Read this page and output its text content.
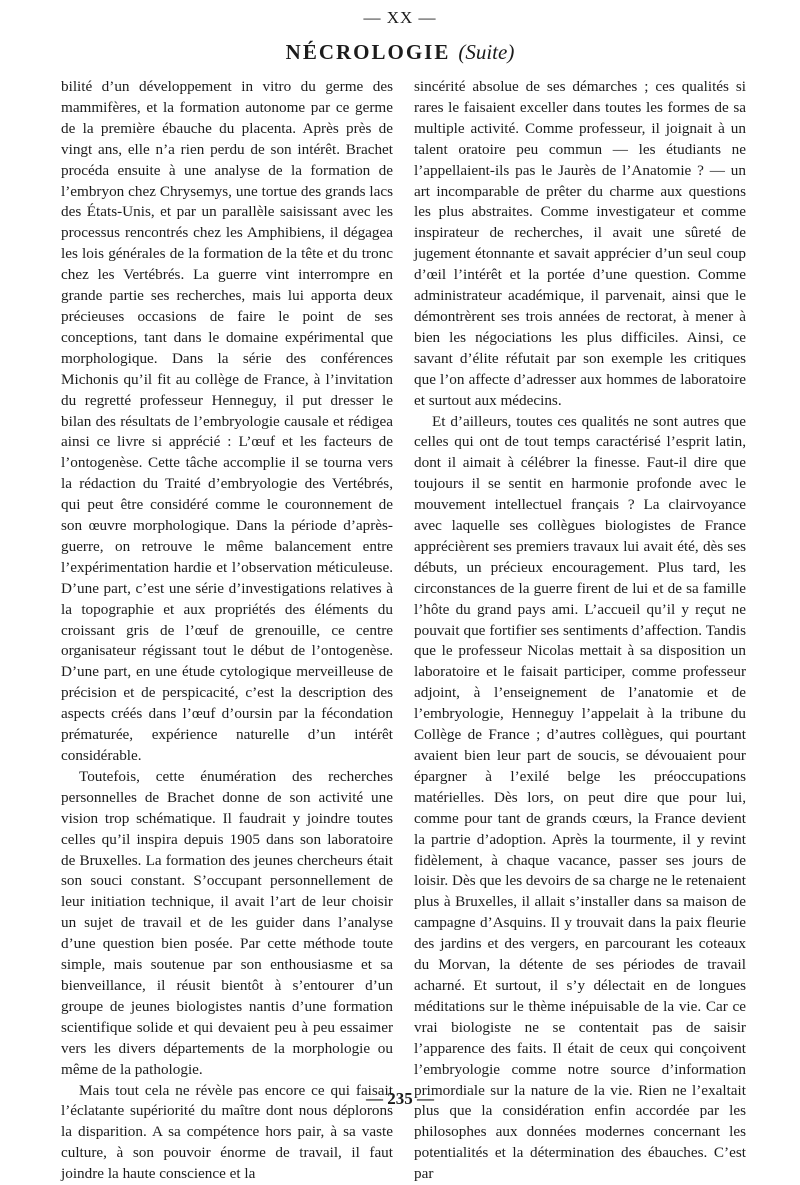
— XX —
NÉCROLOGIE (Suite)

bilité d’un développement in vitro du germe des mammifères, et la formation autonome par ce germe de la première ébauche du placenta. Après près de vingt ans, elle n’a rien perdu de son intérêt. Brachet procéda ensuite à une analyse de la formation de l’embryon chez Chrysemys, une tortue des grands lacs des États-Unis, et par un parallèle saisissant avec les processus rencontrés chez les Amphibiens, il dégagea les lois générales de la formation de la tête et du tronc chez les Vertébrés. La guerre vint interrompre en grande partie ses recherches, mais lui apporta deux précieuses occasions de faire le point de ses conceptions, tant dans le domaine expérimental que morphologique. Dans la série des conférences Michonis qu’il fit au collège de France, à l’invitation du regretté professeur Henneguy, il put dresser le bilan des résultats de l’embryologie causale et rédigea ainsi ce livre si apprécié : L’œuf et les facteurs de l’ontogenèse. Cette tâche accomplie il se tourna vers la rédaction du Traité d’embryologie des Vertébrés, qui peut être considéré comme le couronnement de son œuvre morphologique. Dans la période d’après-guerre, on retrouve le même balancement entre l’expérimentation hardie et l’observation méticuleuse. D’une part, c’est une série d’investigations relatives à la topographie et aux propriétés des éléments du croissant gris de l’œuf de grenouille, ce centre organisateur régissant tout le début de l’ontogenèse. D’une part, en une étude cytologique merveilleuse de précision et de perspicacité, c’est la description des aspects créés dans l’œuf d’oursin par la fécondation prématurée, expérience naturelle d’un intérêt considérable.

Toutefois, cette énumération des recherches personnelles de Brachet donne de son activité une vision trop schématique. Il faudrait y joindre toutes celles qu’il inspira depuis 1905 dans son laboratoire de Bruxelles. La formation des jeunes chercheurs était son souci constant. S’occupant personnellement de leur initiation technique, il avait l’art de leur choisir un sujet de travail et de les guider dans l’analyse d’une question bien posée. Par cette méthode toute simple, mais soutenue par son enthousiasme et sa bienveillance, il réusit bientôt à s’entourer d’un groupe de jeunes biologistes nantis d’une formation scientifique solide et qui devaient peu à peu essaimer vers les divers départements de la morphologie ou même de la pathologie.

Mais tout cela ne révèle pas encore ce qui faisait l’éclatante supériorité du maître dont nous déplorons la disparition. A sa compétence hors pair, à sa vaste culture, à son pouvoir énorme de travail, il faut joindre la haute conscience et la

sincérité absolue de ses démarches ; ces qualités si rares le faisaient exceller dans toutes les formes de sa multiple activité. Comme professeur, il joignait à un talent oratoire peu commun — les étudiants ne l’appellaient-ils pas le Jaurès de l’Anatomie ? — un art incomparable de prêter du charme aux questions les plus abstraites. Comme investigateur et comme inspirateur de recherches, il avait une sûreté de jugement étonnante et savait apprécier d’un seul coup d’œil l’intérêt et la portée d’une question. Comme administrateur académique, il parvenait, ainsi que le démontrèrent ses trois années de rectorat, à mener à bien les négociations les plus difficiles. Ainsi, ce savant d’élite réfutait par son exemple les critiques que l’on affecte d’adresser aux hommes de laboratoire et surtout aux médecins.

Et d’ailleurs, toutes ces qualités ne sont autres que celles qui ont de tout temps caractérisé l’esprit latin, dont il aimait à célébrer la finesse. Faut-il dire que toujours il se sentit en harmonie profonde avec le mouvement intellectuel français ? La clairvoyance avec laquelle ses collègues biologistes de France apprécièrent ses premiers travaux lui avait été, dès ses débuts, un précieux encouragement. Plus tard, les circonstances de la guerre firent de lui et de sa famille l’hôte du grand pays ami. L’accueil qu’il y reçut ne pouvait que fortifier ses sentiments d’affection. Tandis que le professeur Nicolas mettait à sa disposition un laboratoire et le faisait participer, comme professeur adjoint, à l’enseignement de l’anatomie et de l’embryologie, Henneguy l’appelait à la tribune du Collège de France ; d’autres collègues, qui pourtant avaient bien leur part de soucis, se dévouaient pour épargner à l’exilé belge les préoccupations matérielles. Dès lors, on peut dire que pour lui, comme pour tant de grands cœurs, la France devient la partrie d’adoption. Après la tourmente, il y revint fidèlement, à chaque vacance, passer ses jours de loisir. Dès que les devoirs de sa charge ne le retenaient plus à Bruxelles, il allait s’installer dans sa maison de campagne d’Asquins. Il y trouvait dans la paix fleurie des jardins et des vergers, en parcourant les coteaux du Morvan, la détente de ses périodes de travail acharné. Et surtout, il s’y délectait en de longues méditations sur le thème inépuisable de la vie. Car ce vrai biologiste ne se contentait pas de saisir l’apparence des faits. Il était de ceux qui conçoivent l’embryologie comme notre source d’information primordiale sur la nature de la vie. Rien ne l’exaltait plus que la considération enfin accordée par les philosophes aux données modernes concernant les potentialités et la détermination des ébauches. C’est par

— 235 —
